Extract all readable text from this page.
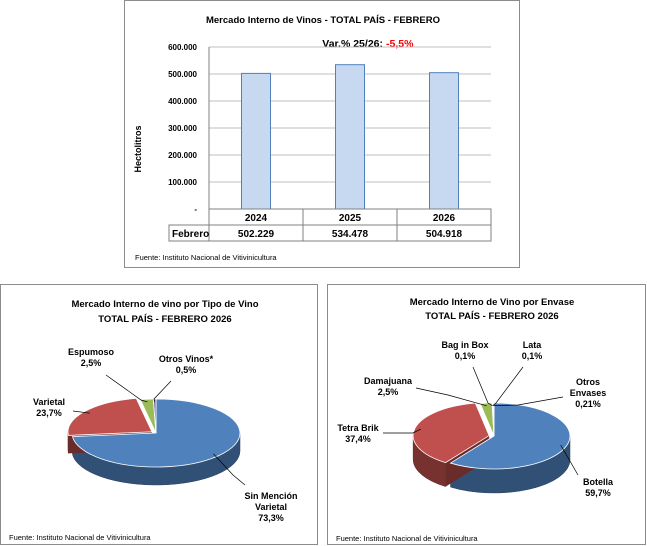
Mercado Interno de Vinos - TOTAL PAÍS - FEBRERO
Var.% 25/26: -5,5%
Hectolitros
600.000
500.000
400.000
300.000
200.000
100.000
-
2024
502.229
2025
534.478
2026
504.918
Febrero
Fuente: Instituto Nacional de Vitivinicultura
Mercado Interno de vino por Tipo de Vino
TOTAL PAÍS - FEBRERO 2026
Sin Mención
Varietal
73,3%
Varietal
23,7%
Espumoso
2,5%	Otros Vinos*
0,5%
Fuente: Instituto Nacional de Vitivinicultura
Mercado Interno de Vino por Envase
TOTAL PAÍS - FEBRERO 2026
Botella
59,7%
Tetra Brik
37,4%
Damajuana
2,5%
Bag in Box
0,1%
Lata
0,1%
Otros
Envases
0,21%
Fuente: Instituto Nacional de Vitivinicultura
